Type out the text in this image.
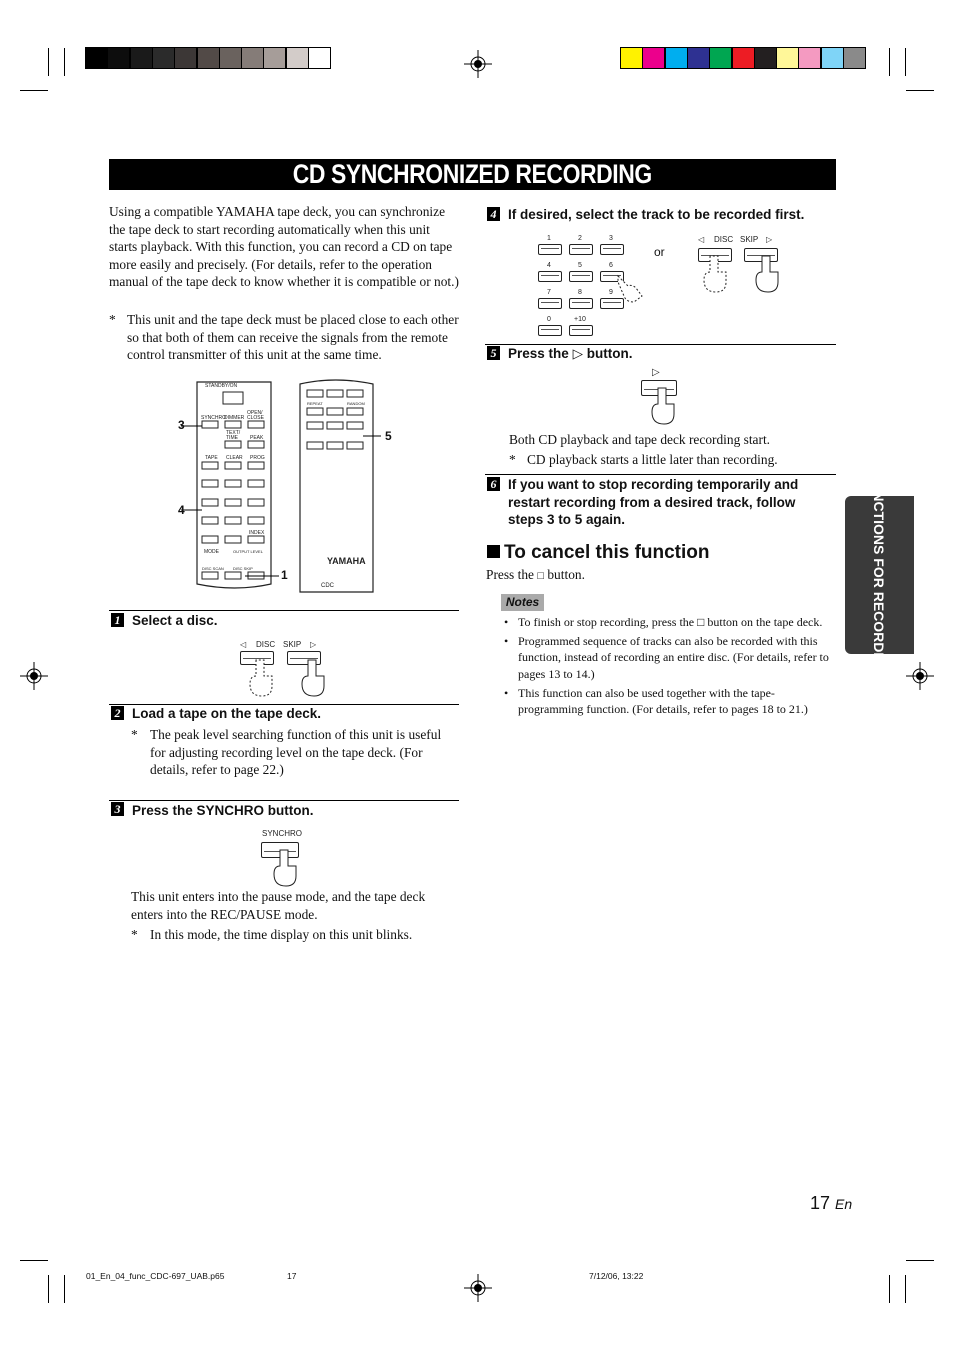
CD SYNCHRONIZED RECORDING
Using a compatible YAMAHA tape deck, you can synchronize the tape deck to start recording automatically when this unit starts playback. With this function, you can record a CD on tape more easily and precisely. (For details, refer to the operation manual of the tape deck to know whether it is compatible or not.)
* This unit and the tape deck must be placed close to each other so that both of them can receive the signals from the remote control transmitter of this unit at the same time.
STANDBY/ON
SYNCHRO
DIMMER
OPEN/ CLOSE
TEXT/ TIME	PEAK
TAPE CLEAR PROG
INDEX
MODE	OUTPUT LEVEL
DISC SCAN DISC SKIP
REPEAT	RANDOM
YAMAHA
CDC
3
4
1
5
1 Select a disc.
◁ DISC SKIP ▷
2 Load a tape on the tape deck.
* The peak level searching function of this unit is useful for adjusting recording level on the tape deck. (For details, refer to page 22.)
3 Press the SYNCHRO button.
SYNCHRO
This unit enters into the pause mode, and the tape deck enters into the REC/PAUSE mode.
* In this mode, the time display on this unit blinks.
4 If desired, select the track to be recorded first.
1	2	3
4	5	6
7	8	9
0	+10
or
◁ DISC SKIP ▷
5 Press the ▷ button.
▷
Both CD playback and tape deck recording start.
* CD playback starts a little later than recording.
6 If you want to stop recording temporarily and restart recording from a desired track, follow steps 3 to 5 again.
To cancel this function
Press the □ button.
Notes
• To finish or stop recording, press the □ button on the tape deck.
• Programmed sequence of tracks can also be recorded with this function, instead of recording an entire disc. (For details, refer to pages 13 to 14.)
• This function can also be used together with the tape-programming function. (For details, refer to pages 18 to 21.)
FUNCTIONS FOR RECORDING
17 En
01_En_04_func_CDC-697_UAB.p65	17	7/12/06, 13:22
